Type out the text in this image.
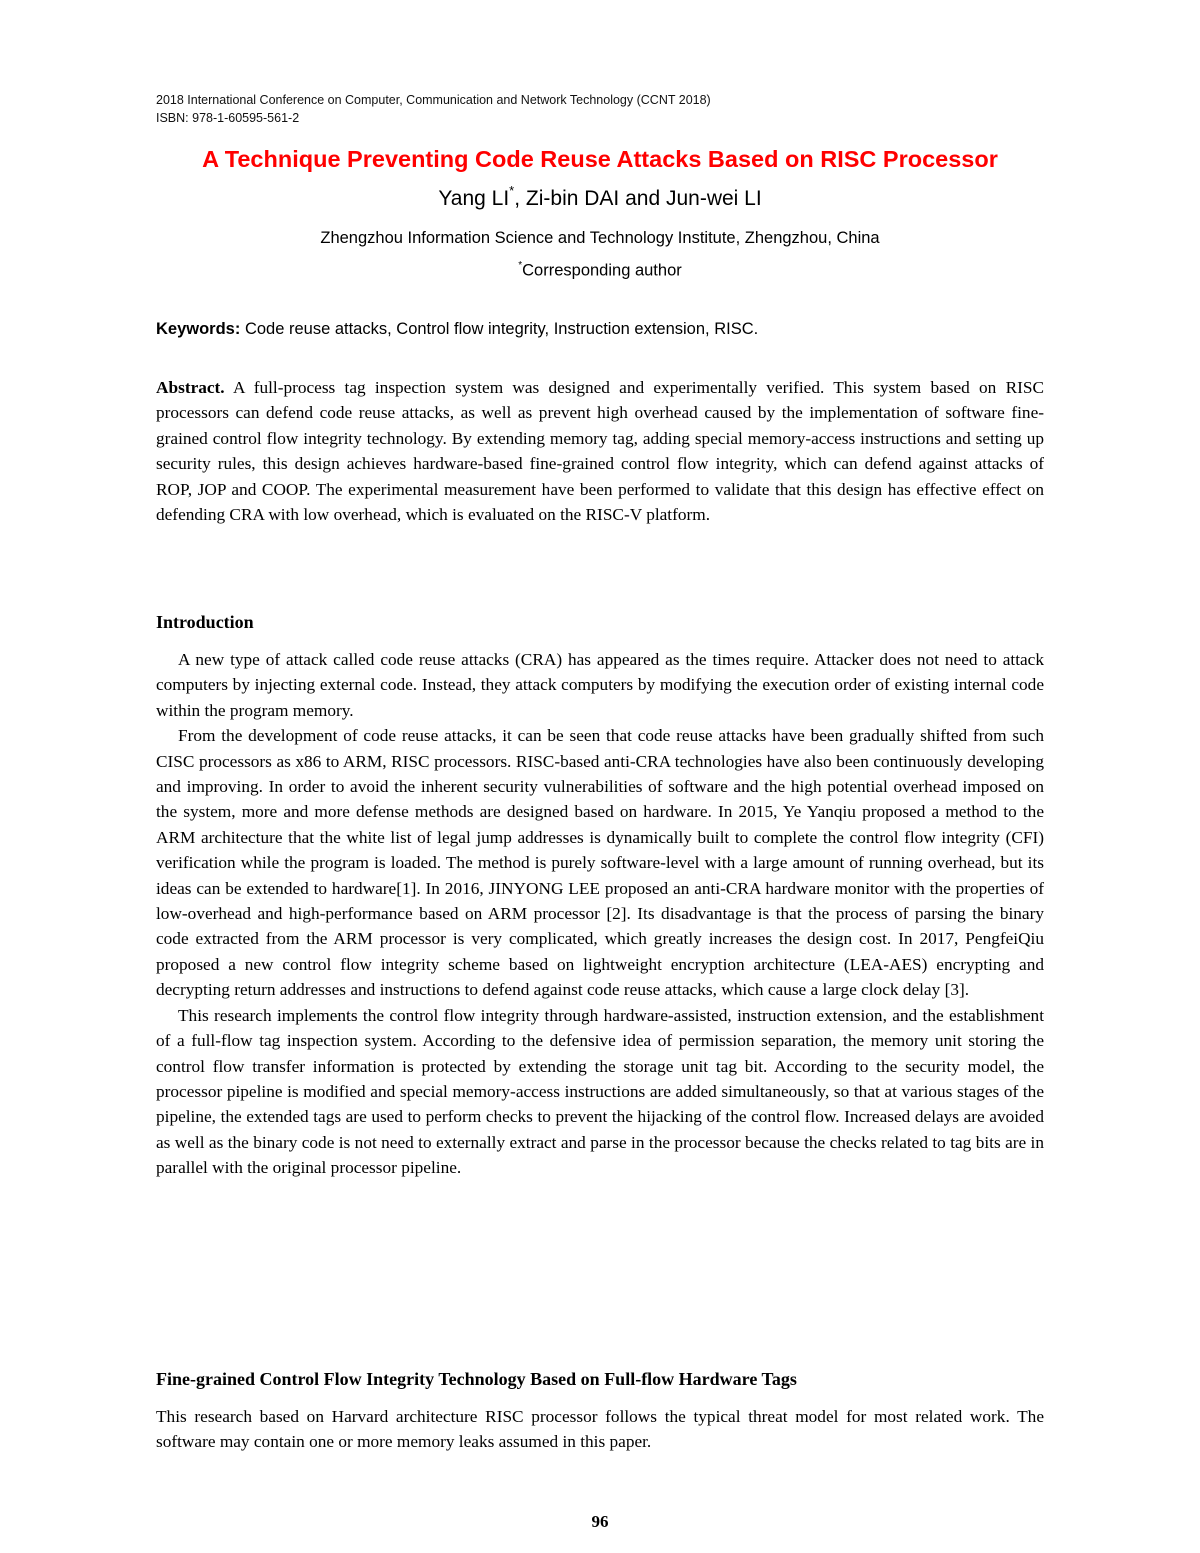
2018 International Conference on Computer, Communication and Network Technology (CCNT 2018)
ISBN: 978-1-60595-561-2
A Technique Preventing Code Reuse Attacks Based on RISC Processor
Yang LI*, Zi-bin DAI and Jun-wei LI
Zhengzhou Information Science and Technology Institute, Zhengzhou, China
*Corresponding author
Keywords: Code reuse attacks, Control flow integrity, Instruction extension, RISC.

Abstract. A full-process tag inspection system was designed and experimentally verified. This system based on RISC processors can defend code reuse attacks, as well as prevent high overhead caused by the implementation of software fine-grained control flow integrity technology. By extending memory tag, adding special memory-access instructions and setting up security rules, this design achieves hardware-based fine-grained control flow integrity, which can defend against attacks of ROP, JOP and COOP. The experimental measurement have been performed to validate that this design has effective effect on defending CRA with low overhead, which is evaluated on the RISC-V platform.

Introduction

A new type of attack called code reuse attacks (CRA) has appeared as the times require. Attacker does not need to attack computers by injecting external code. Instead, they attack computers by modifying the execution order of existing internal code within the program memory.

From the development of code reuse attacks, it can be seen that code reuse attacks have been gradually shifted from such CISC processors as x86 to ARM, RISC processors. RISC-based anti-CRA technologies have also been continuously developing and improving. In order to avoid the inherent security vulnerabilities of software and the high potential overhead imposed on the system, more and more defense methods are designed based on hardware. In 2015, Ye Yanqiu proposed a method to the ARM architecture that the white list of legal jump addresses is dynamically built to complete the control flow integrity (CFI) verification while the program is loaded. The method is purely software-level with a large amount of running overhead, but its ideas can be extended to hardware[1]. In 2016, JINYONG LEE proposed an anti-CRA hardware monitor with the properties of low-overhead and high-performance based on ARM processor [2]. Its disadvantage is that the process of parsing the binary code extracted from the ARM processor is very complicated, which greatly increases the design cost. In 2017, PengfeiQiu proposed a new control flow integrity scheme based on lightweight encryption architecture (LEA-AES) encrypting and decrypting return addresses and instructions to defend against code reuse attacks, which cause a large clock delay [3].

This research implements the control flow integrity through hardware-assisted, instruction extension, and the establishment of a full-flow tag inspection system. According to the defensive idea of permission separation, the memory unit storing the control flow transfer information is protected by extending the storage unit tag bit. According to the security model, the processor pipeline is modified and special memory-access instructions are added simultaneously, so that at various stages of the pipeline, the extended tags are used to perform checks to prevent the hijacking of the control flow. Increased delays are avoided as well as the binary code is not need to externally extract and parse in the processor because the checks related to tag bits are in parallel with the original processor pipeline.

Fine-grained Control Flow Integrity Technology Based on Full-flow Hardware Tags

This research based on Harvard architecture RISC processor follows the typical threat model for most related work. The software may contain one or more memory leaks assumed in this paper.

96
